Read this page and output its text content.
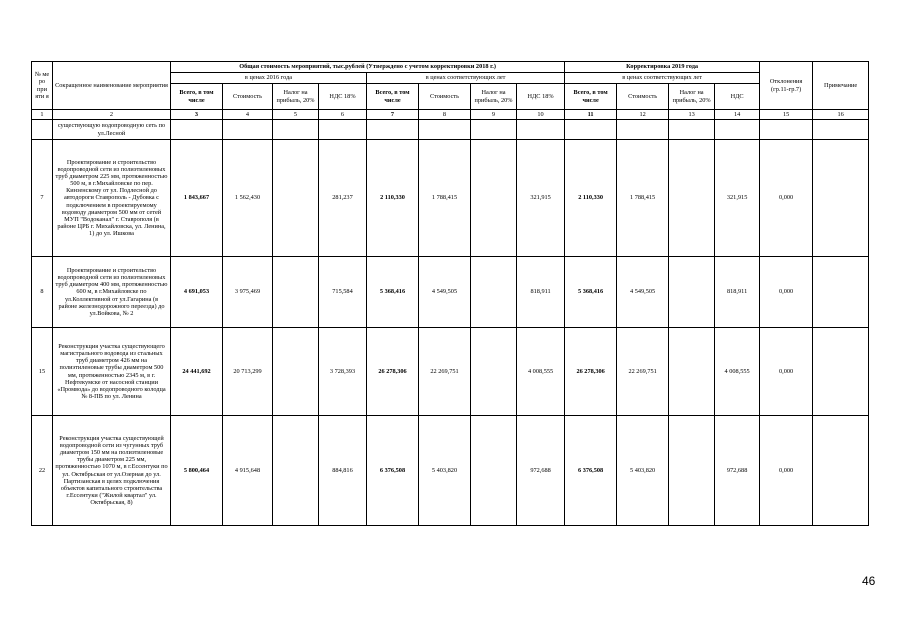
№ ме ро при яти я	Сокращенное наименование мероприятия	Общая стоимость мероприятий, тыс.рублей (Утверждено с учетом корректировки 2018 г.)								Корректировка 2019 года				Отклонения (гр.11-гр.7)	Примечание
		в ценах 2016 года				в ценах соответствующих лет				в ценах соответствующих лет					
		Всего, в том числе	Стоимость	Налог на прибыль, 20%	НДС 18%	Всего, в том числе	Стоимость	Налог на прибыль, 20%	НДС 18%	Всего, в том числе	Стоимость	Налог на прибыль, 20%	НДС		
1	2	3	4	5	6	7	8	9	10	11	12	13	14	15	16
	существующую водопроводную сеть по ул.Лесной														
7	Проектирование и строительство водопроводной сети из полиэтиленовых труб диаметром 225 мм, протяженностью 500 м, в г.Михайловске по пер. Кинзенскому от ул. Подлесной до автодороги Ставрополь - Дубовка с подключением в проектируемому водоводу диаметром 500 мм от сетей МУП "Водоканал" г. Ставрополя (в районе ЦРБ г. Михайловска, ул. Ленина, 1) до ул. Ишкова	1 843,667	1 562,430		281,237	2 110,330	1 788,415		321,915	2 110,330	1 788,415		321,915	0,000	
8	Проектирование и строительство водопроводной сети из полиэтиленовых труб диаметром 400 мм, протяженностью 600 м, в г.Михайловске по ул.Коллективной от ул.Гагарина (в районе железнодорожного переезда) до ул.Войкова, № 2	4 691,053	3 975,469		715,584	5 368,416	4 549,505		818,911	5 368,416	4 549,505		818,911	0,000	
15	Реконструкция участка существующего магистрального водовода из стальных труб диаметром 426 мм на полиэтиленовые трубы диаметром 500 мм, протяженностью 2345 м, в г. Нефтекумске от насосной станции «Промвода» до водопроводного колодца № 8-ПВ по ул. Ленина	24 441,692	20 713,299		3 728,393	26 278,306	22 269,751		4 008,555	26 278,306	22 269,751		4 008,555	0,000	
22	Реконструкция участка существующей водопроводной сети из чугунных труб диаметром 150 мм на полиэтиленовые трубы диаметром 225 мм, протяженностью 1070 м, в г.Ессентуки по ул. Октябрьская от ул.Озерная до ул. Партизанская в целях подключения объектов капитального строительства г.Ессентуки ("Жилой квартал" ул. Октябрьская, 8)	5 800,464	4 915,648		884,816	6 376,508	5 403,820		972,688	6 376,508	5 403,820		972,688	0,000	
46
